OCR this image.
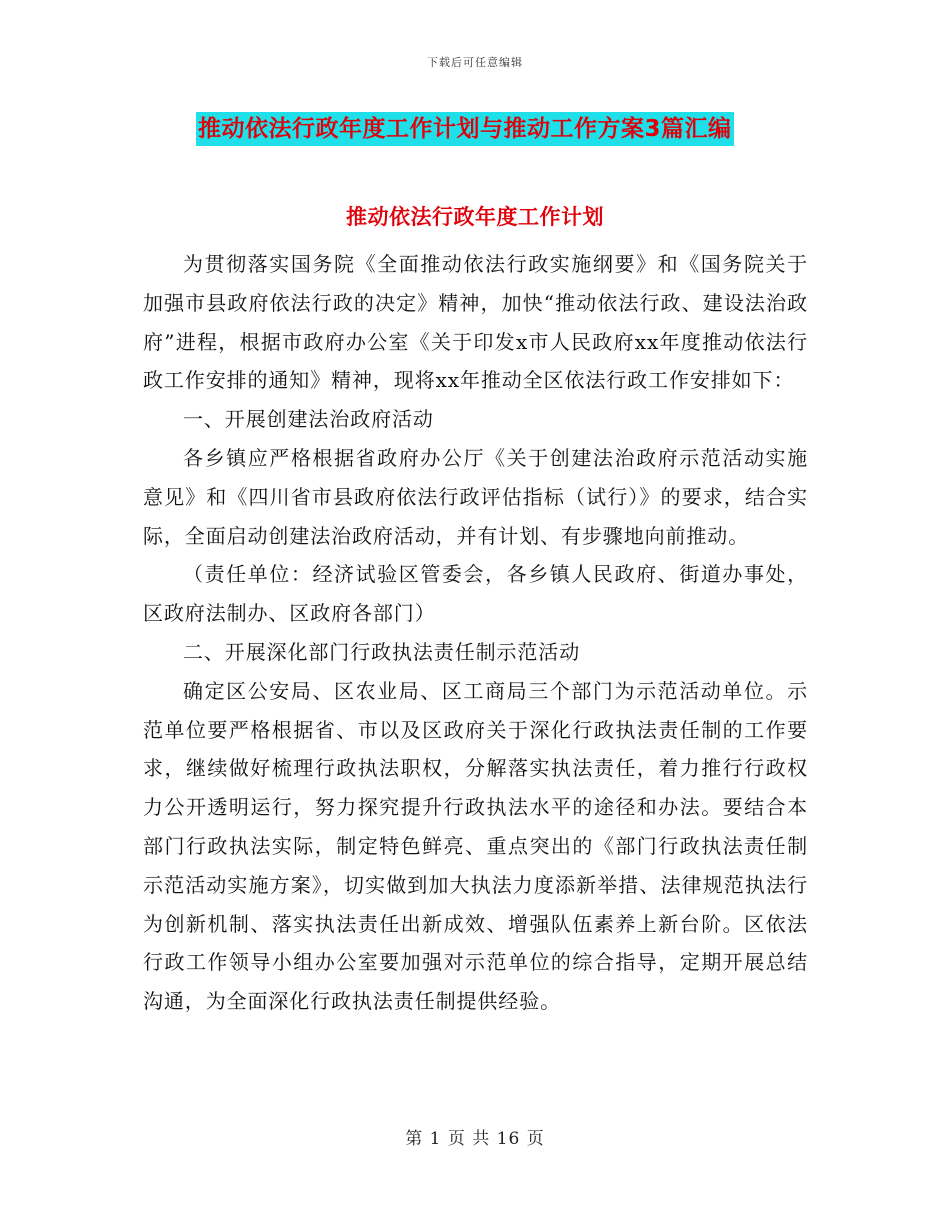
下载后可任意编辑
推动依法行政年度工作计划与推动工作方案3篇汇编
推动依法行政年度工作计划

为贯彻落实国务院《全面推动依法行政实施纲要》和《国务院关于加强市县政府依法行政的决定》精神，加快“推动依法行政、建设法治政府”进程，根据市政府办公室《关于印发x市人民政府xx年度推动依法行政工作安排的通知》精神，现将xx年推动全区依法行政工作安排如下：

一、开展创建法治政府活动

各乡镇应严格根据省政府办公厅《关于创建法治政府示范活动实施意见》和《四川省市县政府依法行政评估指标（试行）》的要求，结合实际，全面启动创建法治政府活动，并有计划、有步骤地向前推动。

（责任单位：经济试验区管委会，各乡镇人民政府、街道办事处，区政府法制办、区政府各部门）

二、开展深化部门行政执法责任制示范活动

确定区公安局、区农业局、区工商局三个部门为示范活动单位。示范单位要严格根据省、市以及区政府关于深化行政执法责任制的工作要求，继续做好梳理行政执法职权，分解落实执法责任，着力推行行政权力公开透明运行，努力探究提升行政执法水平的途径和办法。要结合本部门行政执法实际，制定特色鲜亮、重点突出的《部门行政执法责任制示范活动实施方案》，切实做到加大执法力度添新举措、法律规范执法行为创新机制、落实执法责任出新成效、增强队伍素养上新台阶。区依法行政工作领导小组办公室要加强对示范单位的综合指导，定期开展总结沟通，为全面深化行政执法责任制提供经验。

第 1 页 共 16 页
